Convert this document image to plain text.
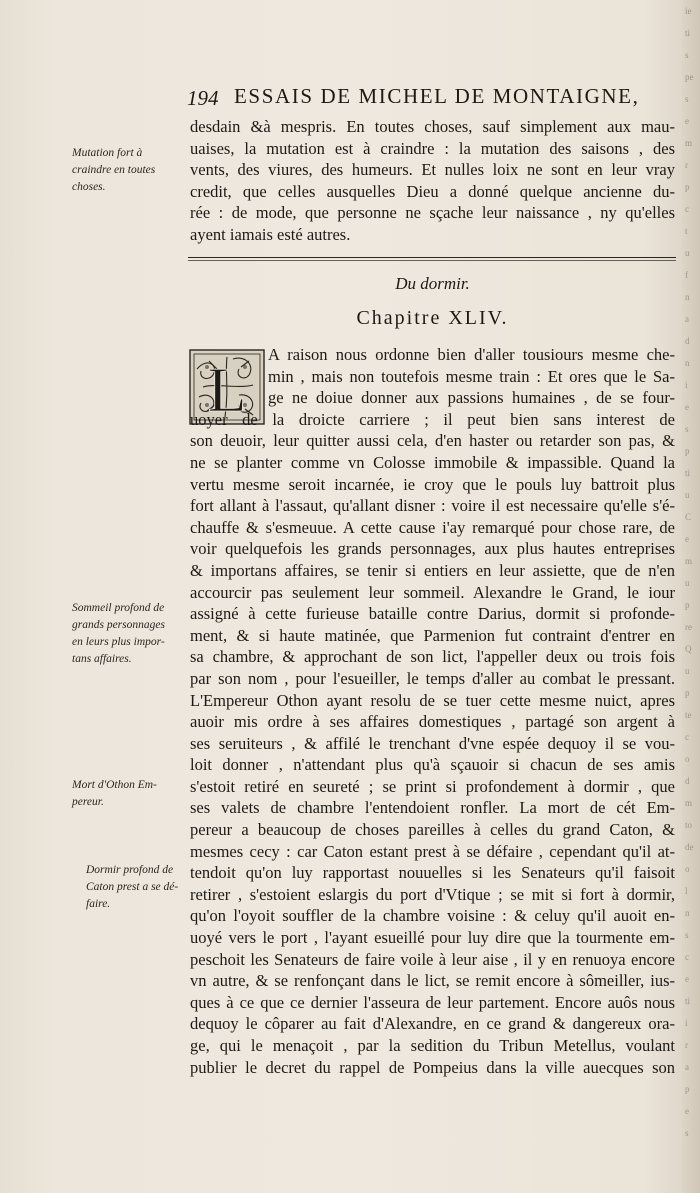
ie
ti
s
pe
s
e
m
r
p
c
t
u
f
n
a
d
n
i
e
s
p
ti
u
C
e
m
u
p
re
Q
u
p
te
c
o
d
m
to
de
o
l
n
s
c
e
ti
i
r
a
p
e
s
194 ESSAIS DE MICHEL DE MONTAIGNE,
desdain &à mespris. En toutes choses, sauf simplement aux mau-
uaises, la mutation est à craindre : la mutation des saisons , des
vents, des viures, des humeurs. Et nulles loix ne sont en leur vray
credit, que celles ausquelles Dieu a donné quelque ancienne du-
rée : de mode, que personne ne sçache leur naissance , ny qu'elles
ayent iamais esté autres.
Mutation fort à
craindre en toutes
choses.
Du dormir.
Chapitre XLIV.
L	A raison nous ordonne bien d'aller tousiours mesme che-
min , mais non toutefois mesme train : Et ores que le Sa-
ge ne doiue donner aux passions humaines , de se four-
uoyer de la droicte carriere ; il peut bien sans interest de
son deuoir, leur quitter aussi cela, d'en haster ou retarder son pas, &
ne se planter comme vn Colosse immobile & impassible. Quand la
vertu mesme seroit incarnée, ie croy que le pouls luy battroit plus
fort allant à l'assaut, qu'allant disner : voire il est necessaire qu'elle s'é-
chauffe & s'esmeuue. A cette cause i'ay remarqué pour chose rare, de
voir quelquefois les grands personnages, aux plus hautes entreprises
& importans affaires, se tenir si entiers en leur assiette, que de n'en
accourcir pas seulement leur sommeil. Alexandre le Grand, le iour
assigné à cette furieuse bataille contre Darius, dormit si profonde-
ment, & si haute matinée, que Parmenion fut contraint d'entrer en
sa chambre, & approchant de son lict, l'appeller deux ou trois fois
par son nom , pour l'esueiller, le temps d'aller au combat le pressant.
L'Empereur Othon ayant resolu de se tuer cette mesme nuict, apres
auoir mis ordre à ses affaires domestiques , partagé son argent à
ses seruiteurs , & affilé le trenchant d'vne espée dequoy il se vou-
loit donner , n'attendant plus qu'à sçauoir si chacun de ses amis
s'estoit retiré en seureté ; se print si profondement à dormir , que
ses valets de chambre l'entendoient ronfler. La mort de cét Em-
pereur a beaucoup de choses pareilles à celles du grand Caton, &
mesmes cecy : car Caton estant prest à se défaire , cependant qu'il at-
tendoit qu'on luy rapportast nouuelles si les Senateurs qu'il faisoit
retirer , s'estoient eslargis du port d'Vtique ; se mit si fort à dormir,
qu'on l'oyoit souffler de la chambre voisine : & celuy qu'il auoit en-
uoyé vers le port , l'ayant esueillé pour luy dire que la tourmente em-
peschoit les Senateurs de faire voile à leur aise , il y en renuoya encore
vn autre, & se renfonçant dans le lict, se remit encore à sômeiller, ius-
ques à ce que ce dernier l'asseura de leur partement. Encore auôs nous
dequoy le côparer au fait d'Alexandre, en ce grand & dangereux ora-
ge, qui le menaçoit , par la sedition du Tribun Metellus, voulant
publier le decret du rappel de Pompeius dans la ville auecques son
Sommeil profond de
grands personnages
en leurs plus impor-
tans affaires.
Mort d'Othon Em-
pereur.
Dormir profond de
Caton prest a se dé-
faire.
